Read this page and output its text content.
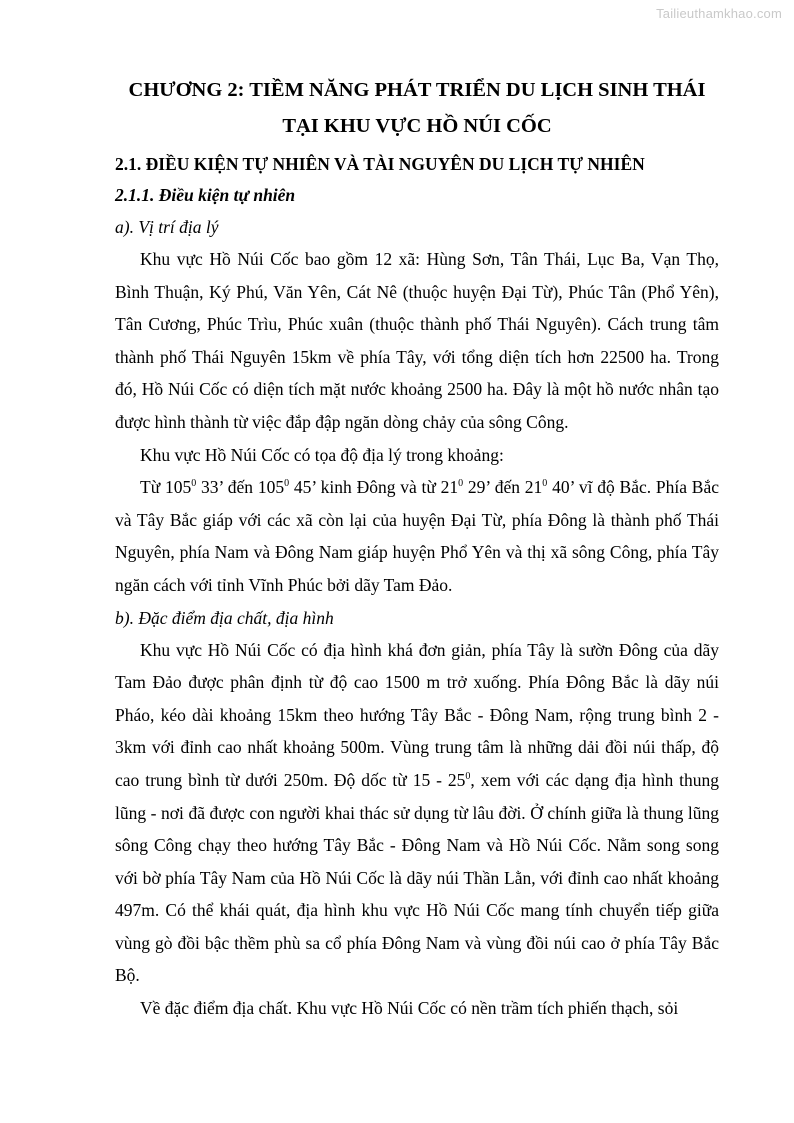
Tailieuthamkhao.com
CHƯƠNG 2: TIỀM NĂNG PHÁT TRIỂN DU LỊCH SINH THÁI
TẠI KHU VỰC HỒ NÚI CỐC
2.1. ĐIỀU KIỆN TỰ NHIÊN VÀ TÀI NGUYÊN DU LỊCH TỰ NHIÊN
2.1.1. Điều kiện tự nhiên
a). Vị trí địa lý

Khu vực Hồ Núi Cốc bao gồm 12 xã: Hùng Sơn, Tân Thái, Lục Ba, Vạn Thọ, Bình Thuận, Ký Phú, Văn Yên, Cát Nê (thuộc huyện Đại Từ), Phúc Tân (Phổ Yên), Tân Cương, Phúc Trìu, Phúc xuân (thuộc thành phố Thái Nguyên). Cách trung tâm thành phố Thái Nguyên 15km về phía Tây, với tổng diện tích hơn 22500 ha. Trong đó, Hồ Núi Cốc có diện tích mặt nước khoảng 2500 ha. Đây là một hồ nước nhân tạo được hình thành từ việc đắp đập ngăn dòng chảy của sông Công.

Khu vực Hồ Núi Cốc có tọa độ địa lý trong khoảng:

Từ $105^0$ 33’ đến $105^0$ 45’ kinh Đông và từ $21^0$ 29’ đến $21^0$ 40’ vĩ độ Bắc. Phía Bắc và Tây Bắc giáp với các xã còn lại của huyện Đại Từ, phía Đông là thành phố Thái Nguyên, phía Nam và Đông Nam giáp huyện Phổ Yên và thị xã sông Công, phía Tây ngăn cách với tỉnh Vĩnh Phúc bởi dãy Tam Đảo.

b). Đặc điểm địa chất, địa hình

Khu vực Hồ Núi Cốc có địa hình khá đơn giản, phía Tây là sườn Đông của dãy Tam Đảo được phân định từ độ cao 1500 m trở xuống. Phía Đông Bắc là dãy núi Pháo, kéo dài khoảng 15km theo hướng Tây Bắc - Đông Nam, rộng trung bình 2 - 3km với đỉnh cao nhất khoảng 500m. Vùng trung tâm là những dải đồi núi thấp, độ cao trung bình từ dưới 250m. Độ dốc từ $15 - 25^0$, xem với các dạng địa hình thung lũng - nơi đã được con người khai thác sử dụng từ lâu đời. Ở chính giữa là thung lũng sông Công chạy theo hướng Tây Bắc - Đông Nam và Hồ Núi Cốc. Nằm song song với bờ phía Tây Nam của Hồ Núi Cốc là dãy núi Thần Lằn, với đỉnh cao nhất khoảng 497m. Có thể khái quát, địa hình khu vực Hồ Núi Cốc mang tính chuyển tiếp giữa vùng gò đồi bậc thềm phù sa cổ phía Đông Nam và vùng đồi núi cao ở phía Tây Bắc Bộ.

Về đặc điểm địa chất. Khu vực Hồ Núi Cốc có nền trầm tích phiến thạch, sỏi
